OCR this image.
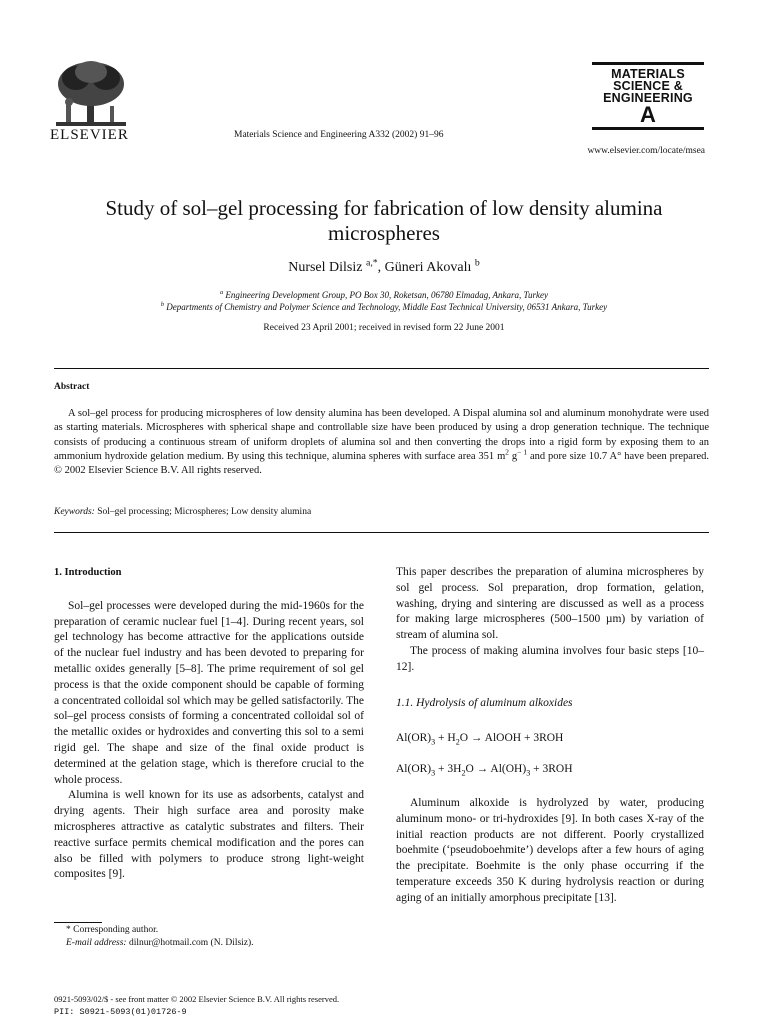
ELSEVIER	Materials Science and Engineering A332 (2002) 91–96
MATERIALS
SCIENCE &
ENGINEERING
A
www.elsevier.com/locate/msea
Study of sol–gel processing for fabrication of low density alumina
microspheres
Nursel Dilsiz $^{a,*}$, Güneri Akovalı $^b$
$^a$ Engineering Development Group, PO Box 30, Roketsan, 06780 Elmadag, Ankara, Turkey
$^b$ Departments of Chemistry and Polymer Science and Technology, Middle East Technical University, 06531 Ankara, Turkey
Received 23 April 2001; received in revised form 22 June 2001
Abstract
A sol–gel process for producing microspheres of low density alumina has been developed. A Dispal alumina sol and aluminum monohydrate were used as starting materials. Microspheres with spherical shape and controllable size have been produced by using a drop generation technique. The technique consists of producing a continuous stream of uniform droplets of alumina sol and then converting the drops into a rigid form by exposing them to an ammonium hydroxide gelation medium. By using this technique, alumina spheres with surface area 351 $m^2$ $g^{- 1}$ and pore size 10.7 A° have been prepared. © 2002 Elsevier Science B.V. All rights reserved.
Keywords: Sol–gel processing; Microspheres; Low density alumina
1. Introduction

Sol–gel processes were developed during the mid-1960s for the preparation of ceramic nuclear fuel [1–4]. During recent years, sol gel technology has become attractive for the applications outside of the nuclear fuel industry and has been devoted to preparing for metallic oxides generally [5–8]. The prime requirement of sol gel process is that the oxide component should be capable of forming a concentrated colloidal sol which may be gelled satisfactorily. The sol–gel process consists of forming a concentrated colloidal sol of the metallic oxides or hydroxides and converting this sol to a semi rigid gel. The shape and size of the final oxide product is determined at the gelation stage, which is therefore crucial to the whole process.

Alumina is well known for its use as adsorbents, catalyst and drying agents. Their high surface area and porosity make microspheres attractive as catalytic substrates and filters. Their reactive surface permits chemical modification and the pores can also be filled with polymers to produce strong light-weight composites [9].

* Corresponding author.
E-mail address: dilnur@hotmail.com (N. Dilsiz).

This paper describes the preparation of alumina microspheres by sol gel process. Sol preparation, drop formation, gelation, washing, drying and sintering are discussed as well as a process for making large microspheres (500–1500 µm) by variation of stream of alumina sol.

The process of making alumina involves four basic steps [10–12].

1.1. Hydrolysis of aluminum alkoxides
$Al(OR)_3 + H_2O$ → AlOOH + 3ROH
$Al(OR)_3 + 3H_2O \to Al(OH)_3 + 3ROH$

Aluminum alkoxide is hydrolyzed by water, producing aluminum mono- or tri-hydroxides [9]. In both cases X-ray of the initial reaction products are not different. Poorly crystallized boehmite (‘pseudoboehmite’) develops after a few hours of aging the precipitate. Boehmite is the only phase occurring if the temperature exceeds 350 K during hydrolysis reaction or during aging of an initially amorphous precipitate [13].

0921-5093/02/$ - see front matter © 2002 Elsevier Science B.V. All rights reserved.
PII: S0921-5093(01)01726-9
